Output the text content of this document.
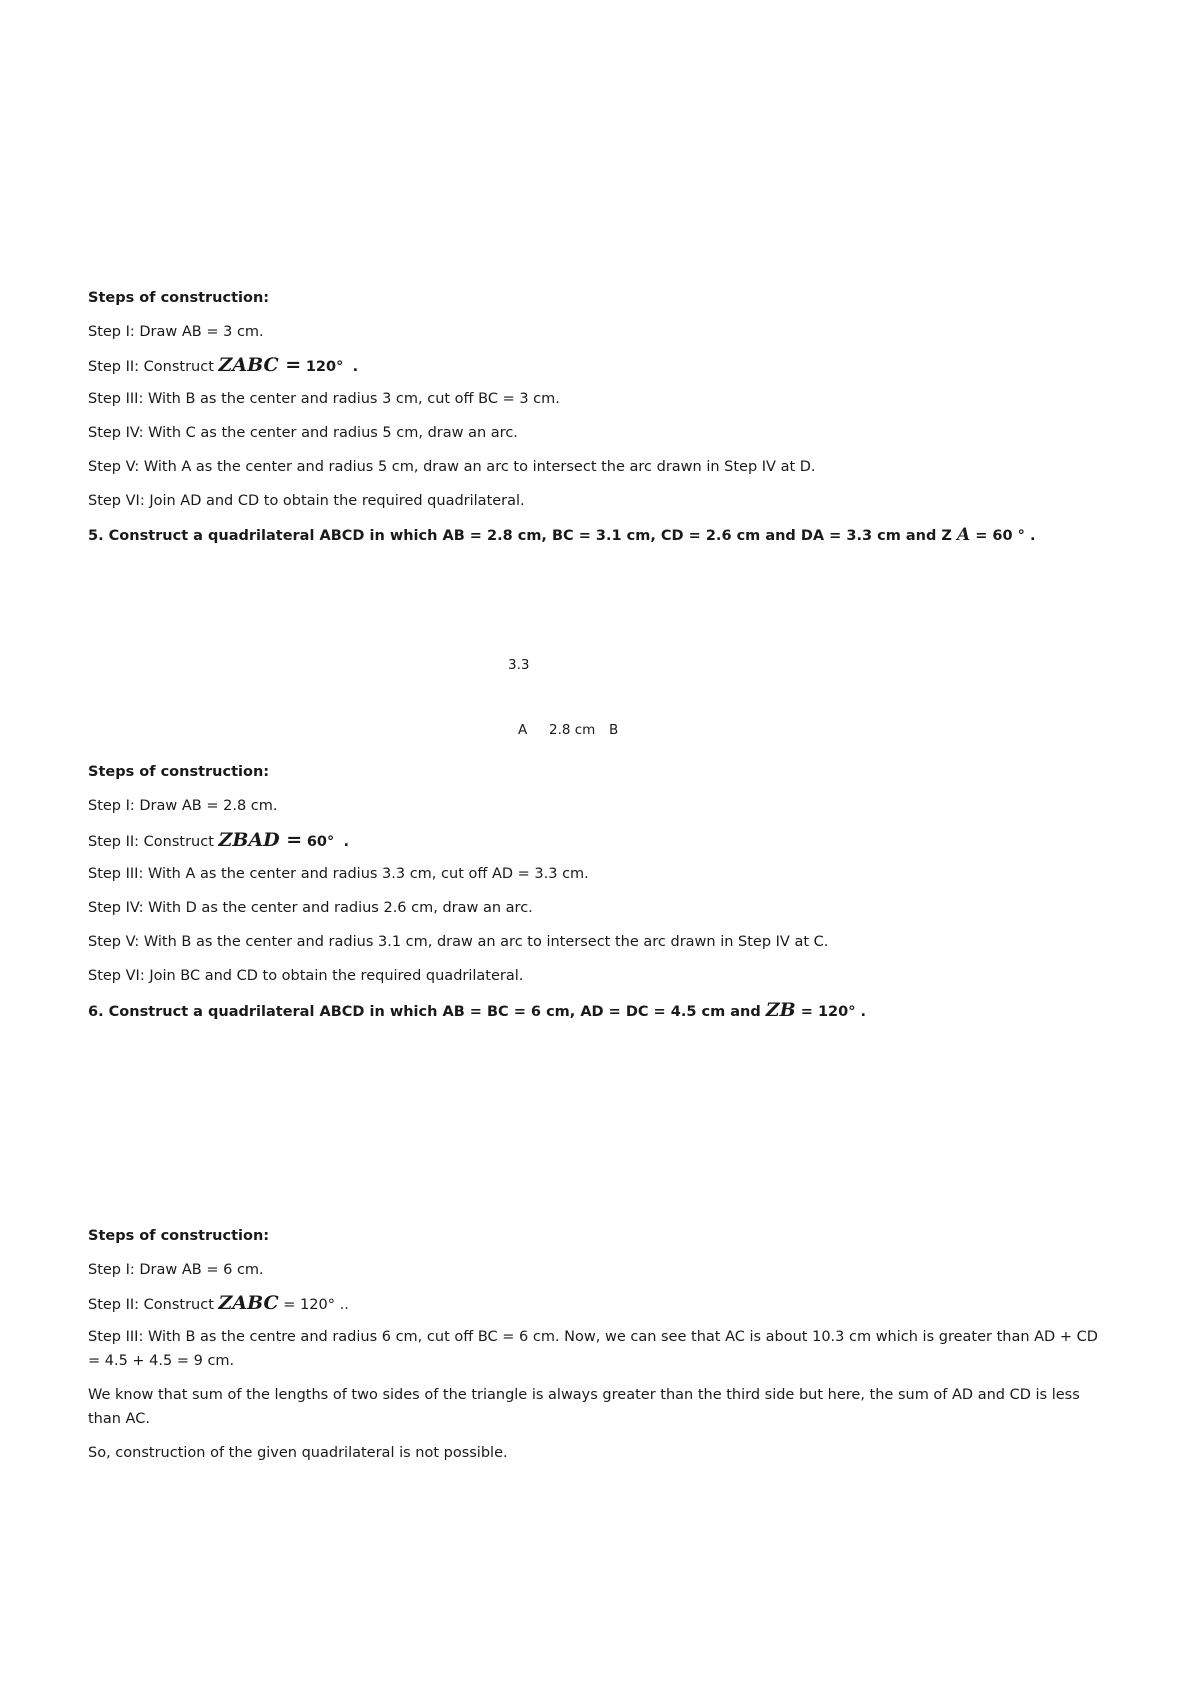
Steps of construction:
Step I: Draw AB = 3 cm.
Step II: Construct ZABC = 120° .
Step III: With B as the center and radius 3 cm, cut off BC = 3 cm.
Step IV: With C as the center and radius 5 cm, draw an arc.
Step V: With A as the center and radius 5 cm, draw an arc to intersect the arc drawn in Step IV at D.
Step VI: Join AD and CD to obtain the required quadrilateral.
5. Construct a quadrilateral ABCD in which AB = 2.8 cm, BC = 3.1 cm, CD = 2.6 cm and DA = 3.3 cm and Z A = 60 ° .
3.3
A 2.8 cm B
Steps of construction:
Step I: Draw AB = 2.8 cm.
Step II: Construct ZBAD = 60° .
Step III: With A as the center and radius 3.3 cm, cut off AD = 3.3 cm.
Step IV: With D as the center and radius 2.6 cm, draw an arc.
Step V: With B as the center and radius 3.1 cm, draw an arc to intersect the arc drawn in Step IV at C.
Step VI: Join BC and CD to obtain the required quadrilateral.
6. Construct a quadrilateral ABCD in which AB = BC = 6 cm, AD = DC = 4.5 cm and ZB = 120° .
Steps of construction:
Step I: Draw AB = 6 cm.
Step II: Construct ZABC = 120° ..
Step III: With B as the centre and radius 6 cm, cut off BC = 6 cm. Now, we can see that AC is about 10.3 cm which is greater than AD + CD = 4.5 + 4.5 = 9 cm.
We know that sum of the lengths of two sides of the triangle is always greater than the third side but here, the sum of AD and CD is less than AC.
So, construction of the given quadrilateral is not possible.
